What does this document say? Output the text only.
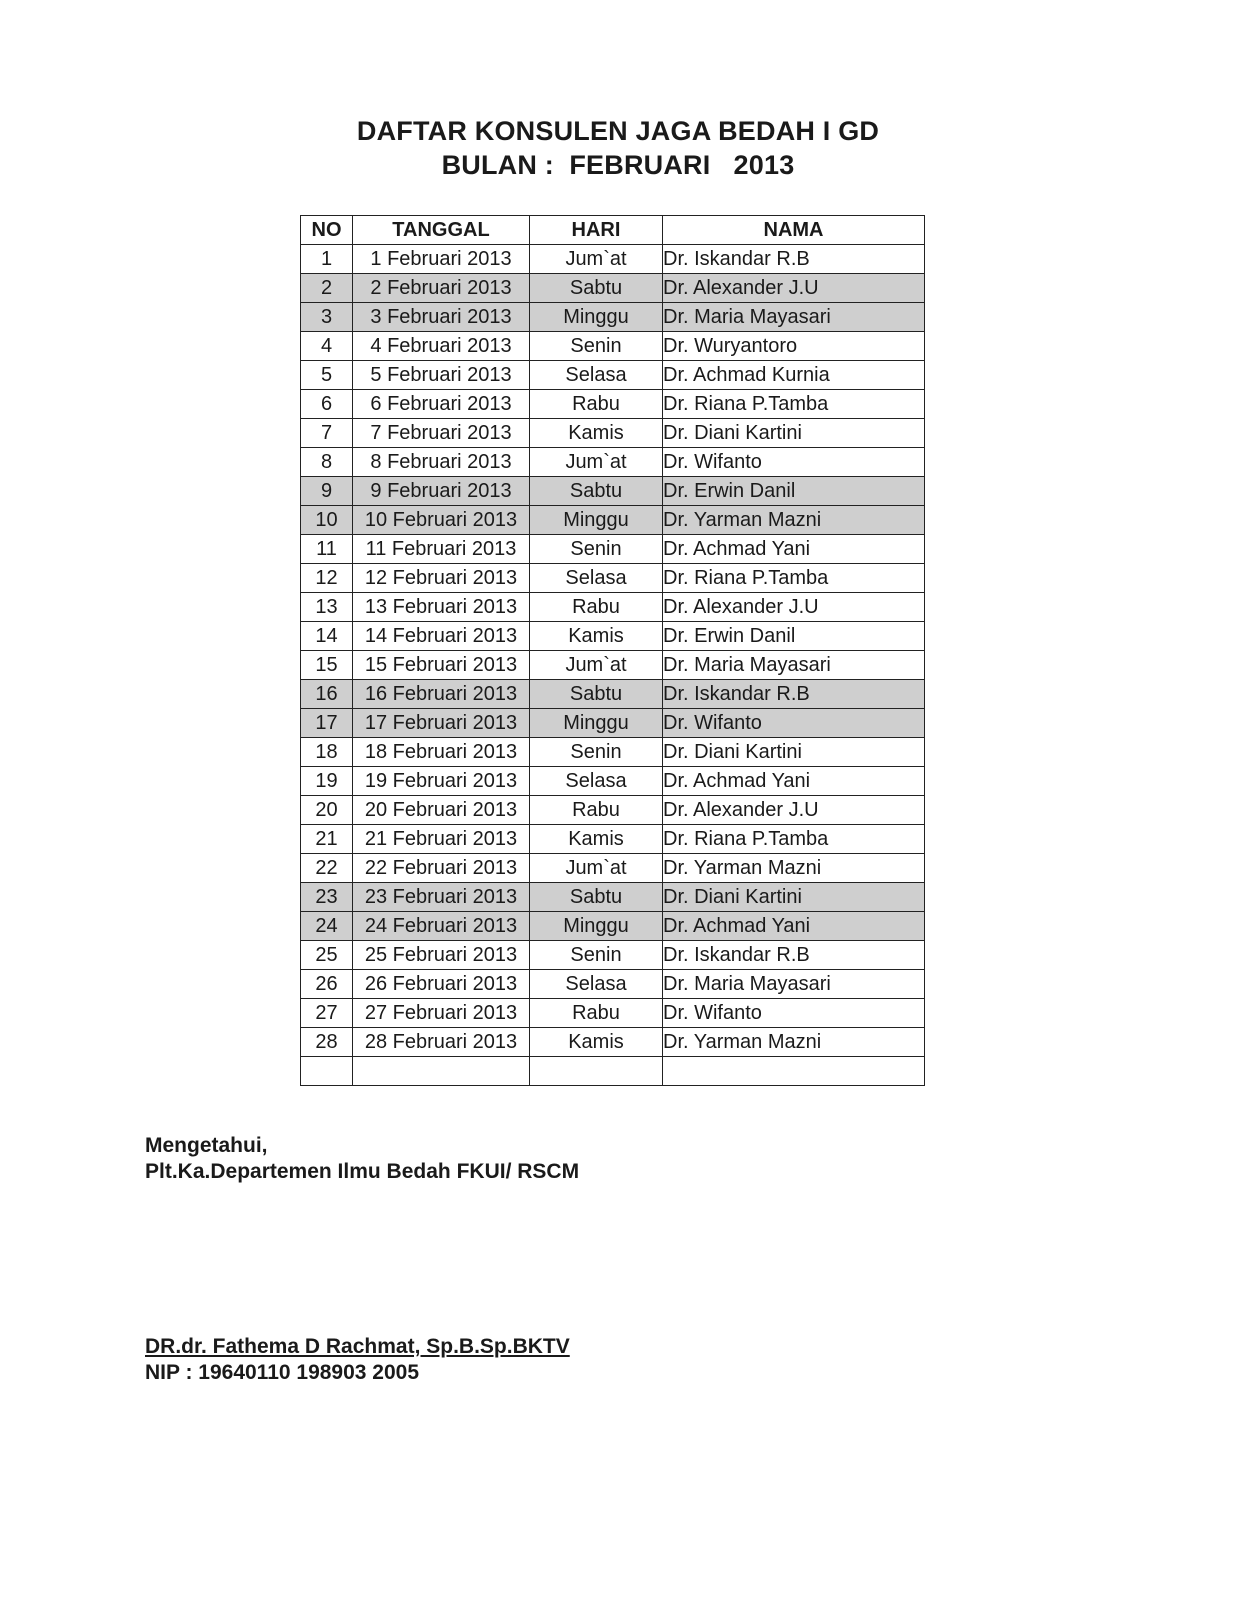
DAFTAR KONSULEN JAGA BEDAH I GD
BULAN :  FEBRUARI   2013
NO	TANGGAL	HARI	NAMA
1	1 Februari 2013	Jum`at	Dr. Iskandar R.B
2	2 Februari 2013	Sabtu	Dr. Alexander J.U
3	3 Februari 2013	Minggu	Dr. Maria Mayasari
4	4 Februari 2013	Senin	Dr. Wuryantoro
5	5 Februari 2013	Selasa	Dr. Achmad Kurnia
6	6 Februari 2013	Rabu	Dr. Riana P.Tamba
7	7 Februari 2013	Kamis	Dr. Diani Kartini
8	8 Februari 2013	Jum`at	Dr. Wifanto
9	9 Februari 2013	Sabtu	Dr. Erwin Danil
10	10 Februari 2013	Minggu	Dr. Yarman Mazni
11	11 Februari 2013	Senin	Dr. Achmad Yani
12	12 Februari 2013	Selasa	Dr. Riana P.Tamba
13	13 Februari 2013	Rabu	Dr. Alexander J.U
14	14 Februari 2013	Kamis	Dr. Erwin Danil
15	15 Februari 2013	Jum`at	Dr. Maria Mayasari
16	16 Februari 2013	Sabtu	Dr. Iskandar R.B
17	17 Februari 2013	Minggu	Dr. Wifanto
18	18 Februari 2013	Senin	Dr. Diani Kartini
19	19 Februari 2013	Selasa	Dr. Achmad Yani
20	20 Februari 2013	Rabu	Dr. Alexander J.U
21	21 Februari 2013	Kamis	Dr. Riana P.Tamba
22	22 Februari 2013	Jum`at	Dr. Yarman Mazni
23	23 Februari 2013	Sabtu	Dr. Diani Kartini
24	24 Februari 2013	Minggu	Dr. Achmad Yani
25	25 Februari 2013	Senin	Dr. Iskandar R.B
26	26 Februari 2013	Selasa	Dr. Maria Mayasari
27	27 Februari 2013	Rabu	Dr. Wifanto
28	28 Februari 2013	Kamis	Dr. Yarman Mazni

Mengetahui,
Plt.Ka.Departemen Ilmu Bedah FKUI/ RSCM
DR.dr. Fathema D Rachmat, Sp.B.Sp.BKTV
NIP : 19640110 198903 2005
